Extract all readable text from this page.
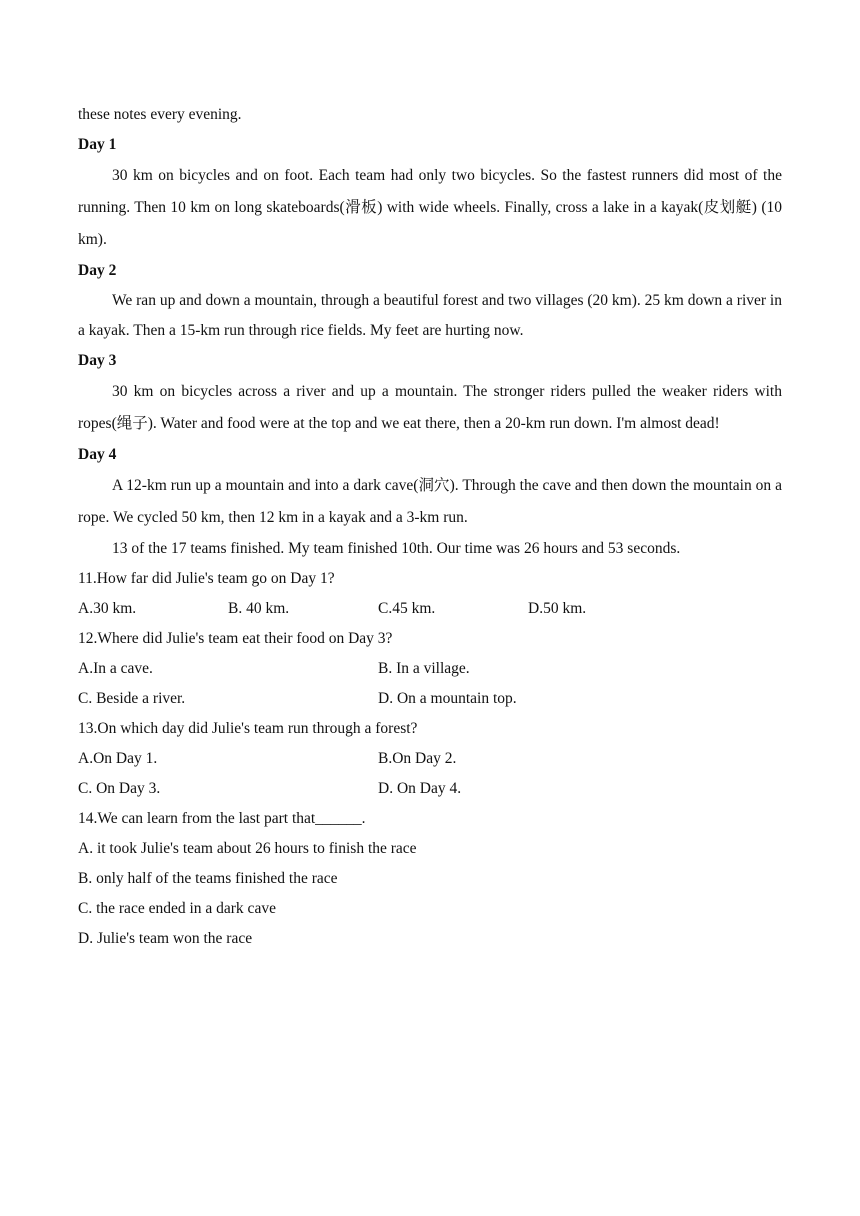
these notes every evening.

Day 1

30 km on bicycles and on foot. Each team had only two bicycles. So the fastest runners did most of the running. Then 10 km on long skateboards(滑板) with wide wheels. Finally, cross a lake in a kayak(皮划艇) (10 km).

Day 2

We ran up and down a mountain, through a beautiful forest and two villages (20 km). 25 km down a river in a kayak. Then a 15-km run through rice fields. My feet are hurting now.

Day 3

30 km on bicycles across a river and up a mountain. The stronger riders pulled the weaker riders with ropes(绳子). Water and food were at the top and we eat there, then a 20-km run down. I'm almost dead!

Day 4

A 12-km run up a mountain and into a dark cave(洞穴). Through the cave and then down the mountain on a rope. We cycled 50 km, then 12 km in a kayak and a 3-km run.

13 of the 17 teams finished. My team finished 10th. Our time was 26 hours and 53 seconds.

11.How far did Julie's team go on Day 1?

A.30 km.	B. 40 km.	C.45 km.	D.50 km.

12.Where did Julie's team eat their food on Day 3?

A.In a cave.	B. In a village.
C. Beside a river.	D. On a mountain top.

13.On which day did Julie's team run through a forest?

A.On Day 1.	B.On Day 2.
C. On Day 3.	D. On Day 4.

14.We can learn from the last part that______.

A. it took Julie's team about 26 hours to finish the race

B. only half of the teams finished the race

C. the race ended in a dark cave

D. Julie's team won the race
